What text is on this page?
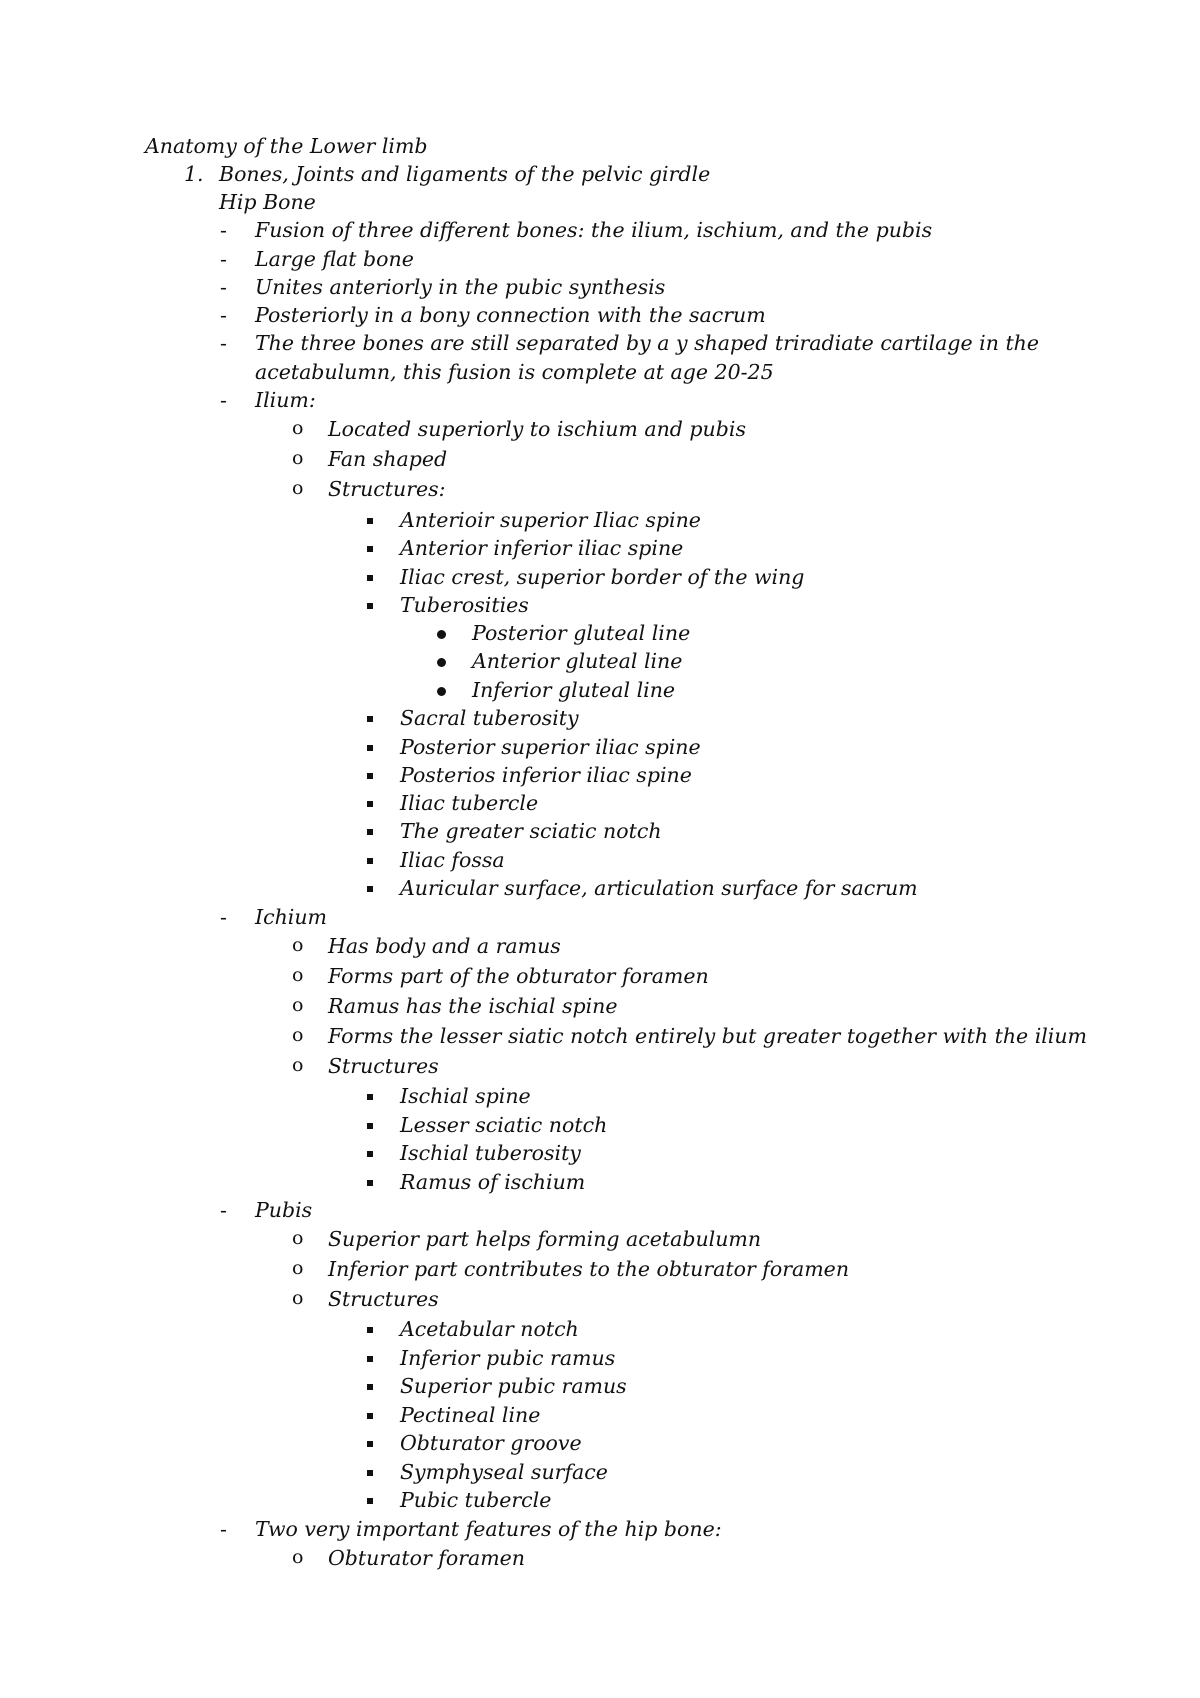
Anatomy of the Lower limb
1. Bones, Joints and ligaments of the pelvic girdle
Hip Bone
- Fusion of three different bones: the ilium, ischium, and the pubis
- Large flat bone
- Unites anteriorly in the pubic synthesis
- Posteriorly in a bony connection with the sacrum
- The three bones are still separated by a y shaped triradiate cartilage in the
acetabulumn, this fusion is complete at age 20-25
- Ilium:
o Located superiorly to ischium and pubis
o Fan shaped
o Structures:
Anterioir superior Iliac spine
Anterior inferior iliac spine
Iliac crest, superior border of the wing
Tuberosities
Posterior gluteal line
Anterior gluteal line
Inferior gluteal line
Sacral tuberosity
Posterior superior iliac spine
Posterios inferior iliac spine
Iliac tubercle
The greater sciatic notch
Iliac fossa
Auricular surface, articulation surface for sacrum
- Ichium
o Has body and a ramus
o Forms part of the obturator foramen
o Ramus has the ischial spine
o Forms the lesser siatic notch entirely but greater together with the ilium
o Structures
Ischial spine
Lesser sciatic notch
Ischial tuberosity
Ramus of ischium
- Pubis
o Superior part helps forming acetabulumn
o Inferior part contributes to the obturator foramen
o Structures
Acetabular notch
Inferior pubic ramus
Superior pubic ramus
Pectineal line
Obturator groove
Symphyseal surface
Pubic tubercle
- Two very important features of the hip bone:
o Obturator foramen
